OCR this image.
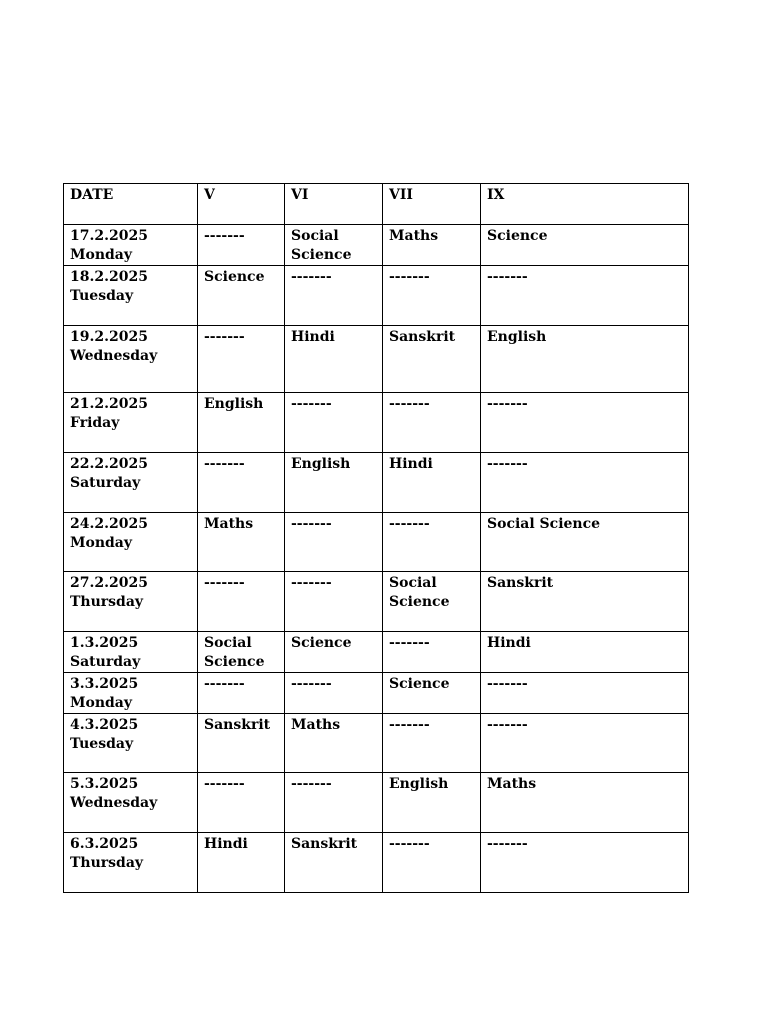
DATE	V	VI	VII	IX

17.2.2025
Monday	-------	Social
Science	Maths	Science

18.2.2025
Tuesday	Science	-------	-------	-------

19.2.2025
Wednesday	-------	Hindi	Sanskrit	English

21.2.2025
Friday	English	-------	-------	-------

22.2.2025
Saturday	-------	English	Hindi	-------

24.2.2025
Monday	Maths	-------	-------	Social Science

27.2.2025
Thursday	-------	-------	Social
Science	Sanskrit

1.3.2025
Saturday	Social
Science	Science	-------	Hindi

3.3.2025
Monday	-------	-------	Science	-------

4.3.2025
Tuesday	Sanskrit	Maths	-------	-------

5.3.2025
Wednesday	-------	-------	English	Maths

6.3.2025
Thursday	Hindi	Sanskrit	-------	-------
